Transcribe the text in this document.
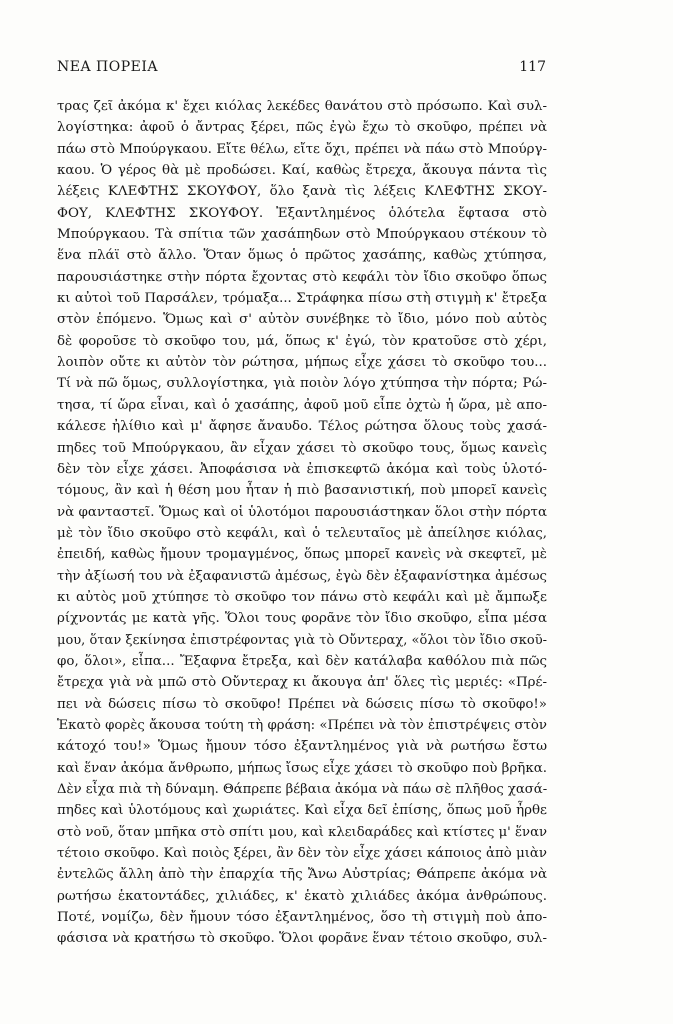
ΝΕΑ ΠΟΡΕΙΑ	117
τρας ζεῖ ἀκόμα κ' ἔχει κιόλας λεκέδες θανάτου στὸ πρόσωπο. Καὶ συλ-
λογίστηκα: ἀφοῦ ὁ ἄντρας ξέρει, πῶς ἐγὼ ἔχω τὸ σκοῦφο, πρέπει νὰ
πάω στὸ Μπούργκαου. Εἴτε θέλω, εἴτε ὄχι, πρέπει νὰ πάω στὸ Μπούργ-
καου. Ὁ γέρος θὰ μὲ προδώσει. Καί, καθὼς ἔτρεχα, ἄκουγα πάντα τὶς
λέξεις ΚΛΕΦΤΗΣ ΣΚΟΥΦΟΥ, ὅλο ξανὰ τὶς λέξεις ΚΛΕΦΤΗΣ ΣΚΟΥ-
ΦΟΥ, ΚΛΕΦΤΗΣ ΣΚΟΥΦΟΥ. Ἐξαντλημένος ὁλότελα ἔφτασα στὸ
Μπούργκαου. Τὰ σπίτια τῶν χασάπηδων στὸ Μπούργκαου στέκουν τὸ
ἕνα πλάϊ στὸ ἄλλο. Ὅταν ὅμως ὁ πρῶτος χασάπης, καθὼς χτύπησα,
παρουσιάστηκε στὴν πόρτα ἔχοντας στὸ κεφάλι τὸν ἴδιο σκοῦφο ὅπως
κι αὐτοὶ τοῦ Παρσάλεν, τρόμαξα... Στράφηκα πίσω στὴ στιγμὴ κ' ἔτρεξα
στὸν ἑπόμενο. Ὅμως καὶ σ' αὐτὸν συνέβηκε τὸ ἴδιο, μόνο ποὺ αὐτὸς
δὲ φοροῦσε τὸ σκοῦφο του, μά, ὅπως κ' ἐγώ, τὸν κρατοῦσε στὸ χέρι,
λοιπὸν οὔτε κι αὐτὸν τὸν ρώτησα, μήπως εἶχε χάσει τὸ σκοῦφο του...
Τί νὰ πῶ ὅμως, συλλογίστηκα, γιὰ ποιὸν λόγο χτύπησα τὴν πόρτα; Ρώ-
τησα, τί ὥρα εἶναι, καὶ ὁ χασάπης, ἀφοῦ μοῦ εἶπε ὀχτὼ ἡ ὥρα, μὲ απο-
κάλεσε ἠλίθιο καὶ μ' ἄφησε ἄναυδο. Τέλος ρώτησα ὅλους τοὺς χασά-
πηδες τοῦ Μπούργκαου, ἂν εἶχαν χάσει τὸ σκοῦφο τους, ὅμως κανεὶς
δὲν τὸν εἶχε χάσει. Ἀποφάσισα νὰ ἐπισκεφτῶ ἀκόμα καὶ τοὺς ὑλοτό-
τόμους, ἂν καὶ ἡ θέση μου ἦταν ἡ πιὸ βασανιστική, ποὺ μπορεῖ κανεὶς
νὰ φανταστεῖ. Ὅμως καὶ οἱ ὑλοτόμοι παρουσιάστηκαν ὅλοι στὴν πόρτα
μὲ τὸν ἴδιο σκοῦφο στὸ κεφάλι, καὶ ὁ τελευταῖος μὲ ἀπείλησε κιόλας,
ἐπειδή, καθὼς ἤμουν τρομαγμένος, ὅπως μπορεῖ κανεὶς νὰ σκεφτεῖ, μὲ
τὴν ἀξίωσή του νὰ ἐξαφανιστῶ ἀμέσως, ἐγὼ δὲν ἐξαφανίστηκα ἀμέσως
κι αὐτὸς μοῦ χτύπησε τὸ σκοῦφο τον πάνω στὸ κεφάλι καὶ μὲ ἄμπωξε
ρίχνοντάς με κατὰ γῆς. Ὅλοι τους φορᾶνε τὸν ἴδιο σκοῦφο, εἶπα μέσα
μου, ὅταν ξεκίνησα ἐπιστρέφοντας γιὰ τὸ Οὔντεραχ, «ὅλοι τὸν ἴδιο σκοῦ-
φο, ὅλοι», εἶπα... Ἔξαφνα ἔτρεξα, καὶ δὲν κατάλαβα καθόλου πιὰ πῶς
ἔτρεχα γιὰ νὰ μπῶ στὸ Οὔντεραχ κι ἄκουγα ἀπ' ὅλες τὶς μεριές: «Πρέ-
πει νὰ δώσεις πίσω τὸ σκοῦφο! Πρέπει νὰ δώσεις πίσω τὸ σκοῦφο!»
Ἑκατὸ φορὲς ἄκουσα τούτη τὴ φράση: «Πρέπει νὰ τὸν ἐπιστρέψεις στὸν
κάτοχό του!» Ὅμως ἤμουν τόσο ἐξαντλημένος γιὰ νὰ ρωτήσω ἔστω
καὶ ἕναν ἀκόμα ἄνθρωπο, μήπως ἴσως εἶχε χάσει τὸ σκοῦφο ποὺ βρῆκα.
Δὲν εἶχα πιὰ τὴ δύναμη. Θάπρεπε βέβαια ἀκόμα νὰ πάω σὲ πλῆθος χασά-
πηδες καὶ ὑλοτόμους καὶ χωριάτες. Καὶ εἶχα δεῖ ἐπίσης, ὅπως μοῦ ἦρθε
στὸ νοῦ, ὅταν μπῆκα στὸ σπίτι μου, καὶ κλειδαράδες καὶ κτίστες μ' ἕναν
τέτοιο σκοῦφο. Καὶ ποιὸς ξέρει, ἂν δὲν τὸν εἶχε χάσει κάποιος ἀπὸ μιὰν
ἐντελῶς ἄλλη ἀπὸ τὴν ἐπαρχία τῆς Ἄνω Αὐστρίας; Θάπρεπε ἀκόμα νὰ
ρωτήσω ἑκατοντάδες, χιλιάδες, κ' ἑκατὸ χιλιάδες ἀκόμα ἀνθρώπους.
Ποτέ, νομίζω, δὲν ἤμουν τόσο ἐξαντλημένος, ὅσο τὴ στιγμὴ ποὺ ἀπο-
φάσισα νὰ κρατήσω τὸ σκοῦφο. Ὅλοι φορᾶνε ἕναν τέτοιο σκοῦφο, συλ-
